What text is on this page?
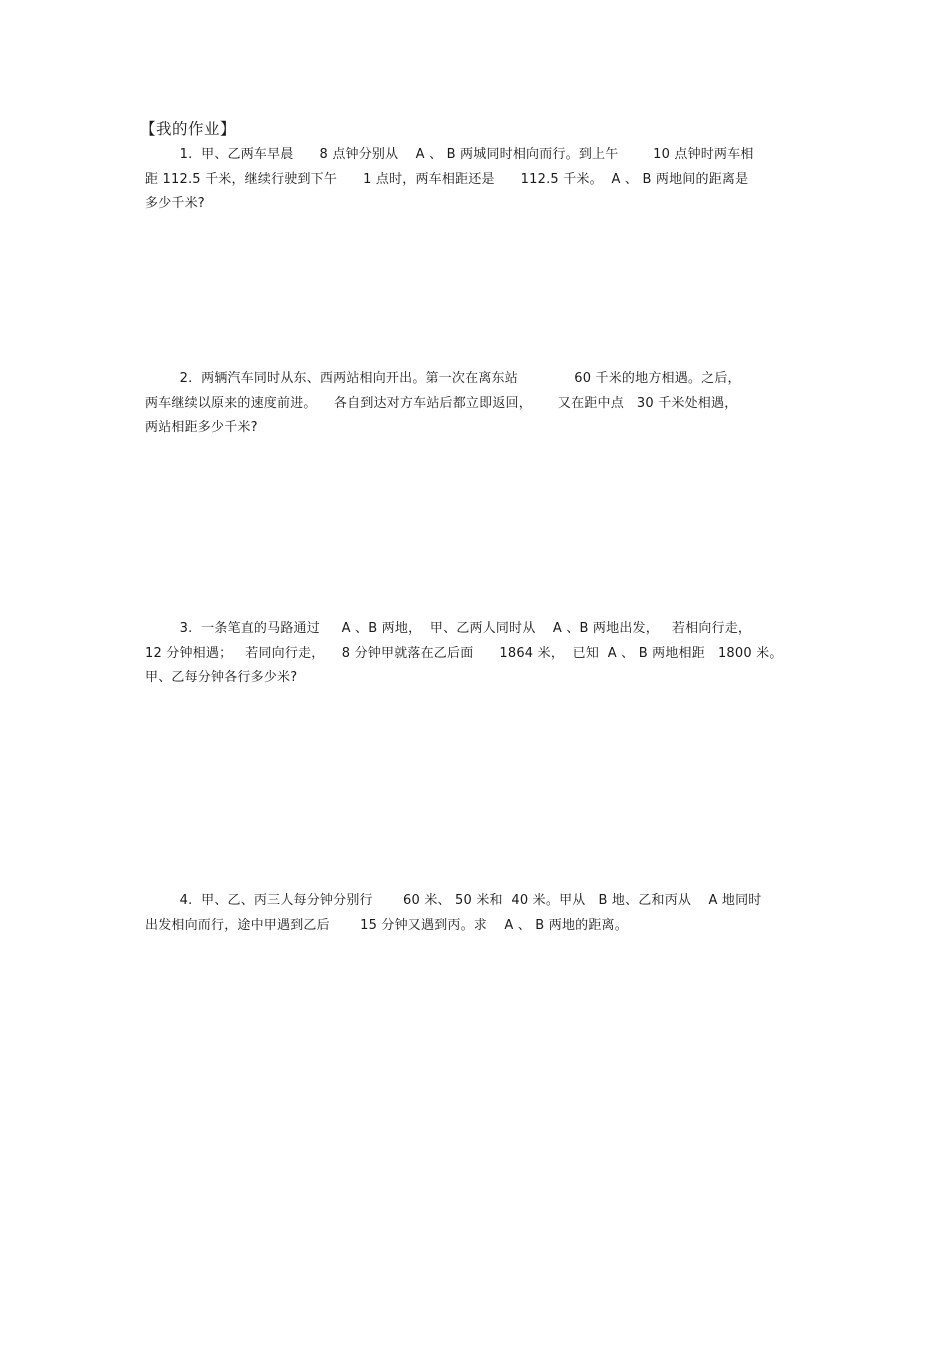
【我的作业】
1.  甲、乙两车早晨      8 点钟分别从    A 、 B 两城同时相向而行。到上午        10 点钟时两车相
距 112.5 千米，继续行驶到下午      1 点时，两车相距还是      112.5 千米。  A 、 B 两地间的距离是
多少千米?
2.  两辆汽车同时从东、西两站相向开出。第一次在离东站             60 千米的地方相遇。之后，
两车继续以原来的速度前进。    各自到达对方车站后都立即返回，      又在距中点   30 千米处相遇，
两站相距多少千米?
3.  一条笔直的马路通过     A 、B 两地，  甲、乙两人同时从    A 、B 两地出发，   若相向行走，
12 分钟相遇；   若同向行走，    8 分钟甲就落在乙后面      1864 米，  已知  A 、 B 两地相距   1800 米。
甲、乙每分钟各行多少米?
4.  甲、乙、丙三人每分钟分别行       60 米、 50 米和  40 米。甲从   B 地、乙和丙从    A 地同时
出发相向而行，途中甲遇到乙后       15 分钟又遇到丙。求    A 、 B 两地的距离。
